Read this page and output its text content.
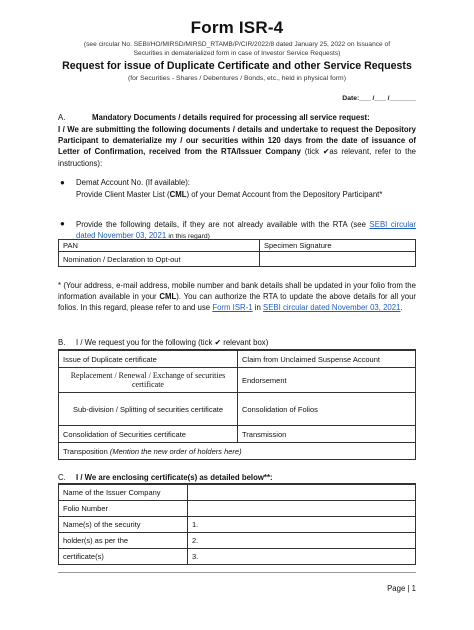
Form ISR-4
(see circular No. SEBI/HO/MIRSD/MIRSD_RTAMB/P/CIR/2022/8 dated January 25, 2022 on Issuance of
Securities in dematerialized form in case of Investor Service Requests)
Request for issue of Duplicate Certificate and other Service Requests
(for Securities - Shares / Debentures / Bonds, etc., held in physical form)
Date:___ /___ /_______
A.	Mandatory Documents / details required for processing all service request:
I / We are submitting the following documents / details and undertake to request the Depository Participant to dematerialize my / our securities within 120 days from the date of issuance of Letter of Confirmation, received from the RTA/Issuer Company (tick ✔as relevant, refer to the instructions):
● Demat Account No. (If available):
Provide Client Master List (CML) of your Demat Account from the Depository Participant*
● Provide the following details, if they are not already available with the RTA (see SEBI circular dated November 03, 2021 in this regard)
PAN	Specimen Signature
Nomination / Declaration to Opt-out	
* (Your address, e-mail address, mobile number and bank details shall be updated in your folio from the information available in your CML). You can authorize the RTA to update the above details for all your folios. In this regard, please refer to and use Form ISR-1 in SEBI circular dated November 03, 2021.
B. I / We request you for the following (tick ✔ relevant box)
Issue of Duplicate certificate	Claim from Unclaimed Suspense Account
Replacement / Renewal / Exchange of securities certificate	Endorsement
Sub-division / Splitting of securities certificate	Consolidation of Folios
Consolidation of Securities certificate	Transmission
Transposition (Mention the new order of holders here)	
C. I / We are enclosing certificate(s) as detailed below**:
Name of the Issuer Company	
Folio Number	
Name(s) of the security	1.
holder(s) as per the	2.
certificate(s)	3.
Page | 1
